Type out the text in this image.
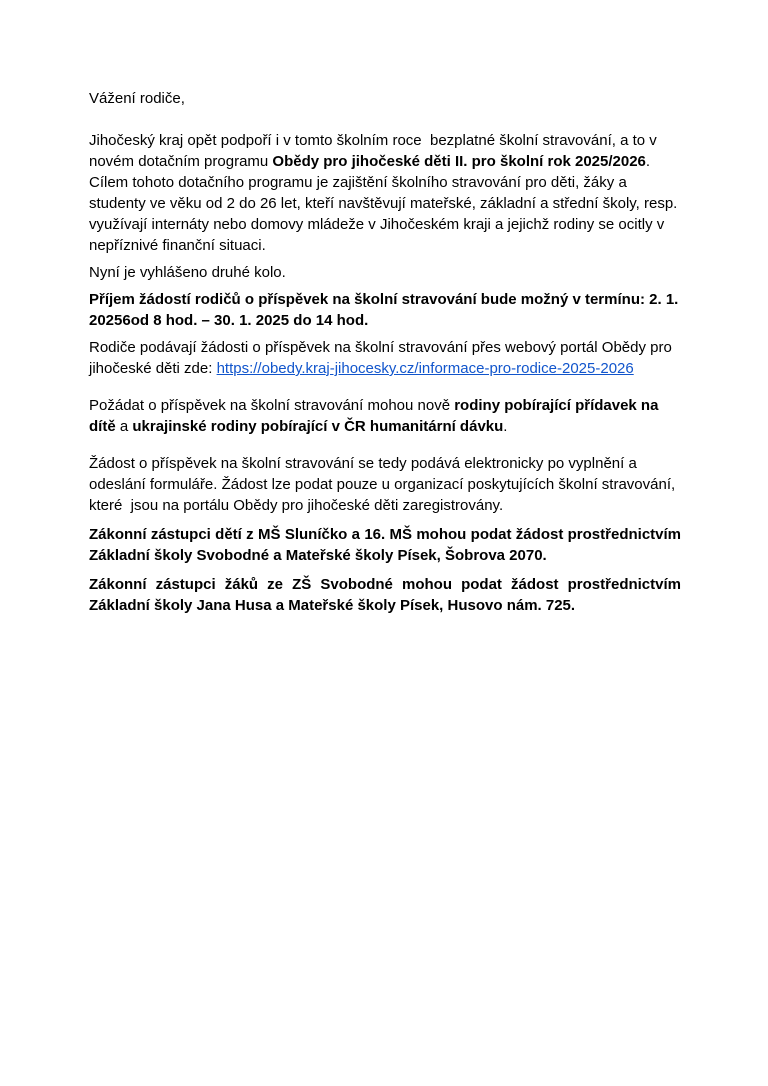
Vážení rodiče,

Jihočeský kraj opět podpoří i v tomto školním roce  bezplatné školní stravování, a to v novém dotačním programu Obědy pro jihočeské děti II. pro školní rok 2025/2026. Cílem tohoto dotačního programu je zajištění školního stravování pro děti, žáky a studenty ve věku od 2 do 26 let, kteří navštěvují mateřské, základní a střední školy, resp. využívají internáty nebo domovy mládeže v Jihočeském kraji a jejichž rodiny se ocitly v nepříznivé finanční situaci.

Nyní je vyhlášeno druhé kolo.

Příjem žádostí rodičů o příspěvek na školní stravování bude možný v termínu: 2. 1. 20256od 8 hod. – 30. 1. 2025 do 14 hod.

Rodiče podávají žádosti o příspěvek na školní stravování přes webový portál Obědy pro jihočeské děti zde: https://obedy.kraj-jihocesky.cz/informace-pro-rodice-2025-2026

Požádat o příspěvek na školní stravování mohou nově rodiny pobírající přídavek na dítě a ukrajinské rodiny pobírající v ČR humanitární dávku.

Žádost o příspěvek na školní stravování se tedy podává elektronicky po vyplnění a odeslání formuláře. Žádost lze podat pouze u organizací poskytujících školní stravování, které  jsou na portálu Obědy pro jihočeské děti zaregistrovány.

Zákonní zástupci dětí z MŠ Sluníčko a 16. MŠ mohou podat žádost prostřednictvím Základní školy Svobodné a Mateřské školy Písek, Šobrova 2070.

Zákonní zástupci žáků ze ZŠ Svobodné mohou podat žádost prostřednictvím Základní školy Jana Husa a Mateřské školy Písek, Husovo nám. 725.
